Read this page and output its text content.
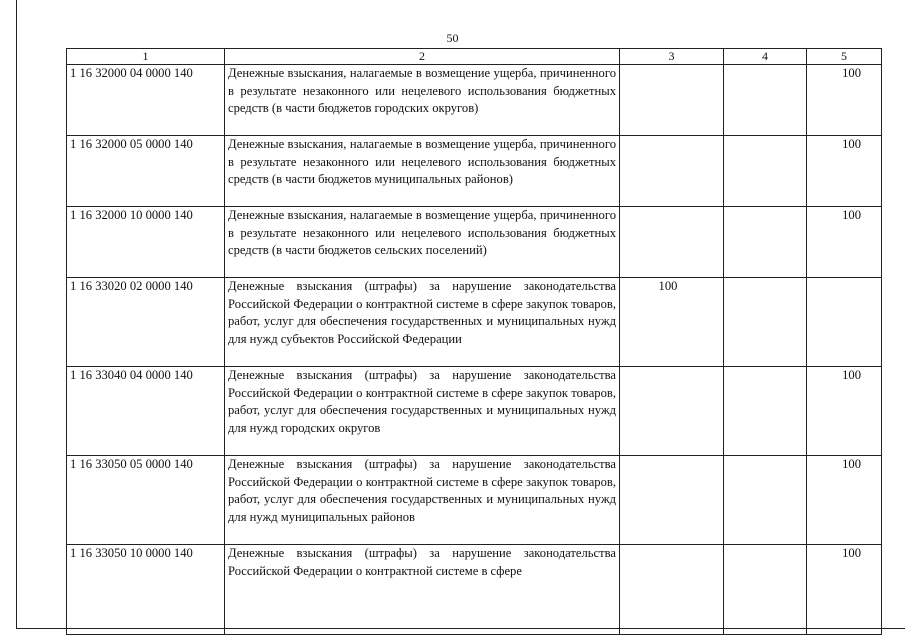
50
1	2	3	4	5
1 16 32000 04 0000 140	Денежные взыскания, налагаемые в возмещение ущерба, причиненного в результате незаконного или нецелевого использования бюджетных средств (в части бюджетов городских округов)			100
1 16 32000 05 0000 140	Денежные взыскания, налагаемые в возмещение ущерба, причиненного в результате незаконного или нецелевого использования бюджетных средств (в части бюджетов муниципальных районов)			100
1 16 32000 10 0000 140	Денежные взыскания, налагаемые в возмещение ущерба, причиненного в результате незаконного или нецелевого использования бюджетных средств (в части бюджетов сельских поселений)			100
1 16 33020 02 0000 140	Денежные взыскания (штрафы) за нарушение законодательства Российской Федерации о контрактной системе в сфере закупок товаров, работ, услуг для обеспечения государственных и муниципальных нужд для нужд субъектов Российской Федерации	100		
1 16 33040 04 0000 140	Денежные взыскания (штрафы) за нарушение законодательства Российской Федерации о контрактной системе в сфере закупок товаров, работ, услуг для обеспечения государственных и муниципальных нужд для нужд городских округов			100
1 16 33050 05 0000 140	Денежные взыскания (штрафы) за нарушение законодательства Российской Федерации о контрактной системе в сфере закупок товаров, работ, услуг для обеспечения государственных и муниципальных нужд для нужд муниципальных районов			100
1 16 33050 10 0000 140	Денежные взыскания (штрафы) за нарушение законодательства Российской Федерации о контрактной системе в сфере			100
